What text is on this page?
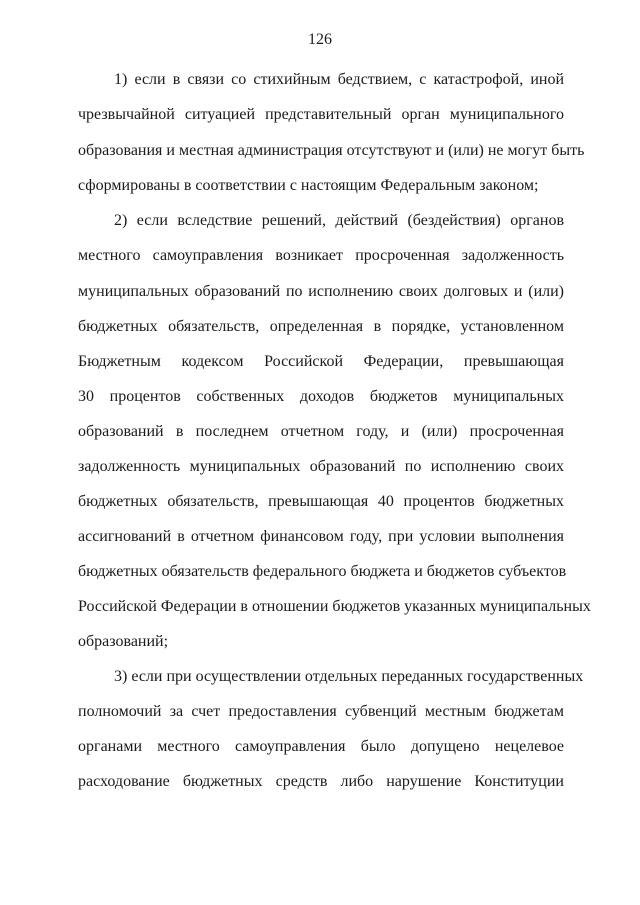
126
1) если в связи со стихийным бедствием, с катастрофой, иной
чрезвычайной ситуацией представительный орган муниципального
образования и местная администрация отсутствуют и (или) не могут быть
сформированы в соответствии с настоящим Федеральным законом;
2) если вследствие решений, действий (бездействия) органов
местного самоуправления возникает просроченная задолженность
муниципальных образований по исполнению своих долговых и (или)
бюджетных обязательств, определенная в порядке, установленном
Бюджетным кодексом Российской Федерации, превышающая
30 процентов собственных доходов бюджетов муниципальных
образований в последнем отчетном году, и (или) просроченная
задолженность муниципальных образований по исполнению своих
бюджетных обязательств, превышающая 40 процентов бюджетных
ассигнований в отчетном финансовом году, при условии выполнения
бюджетных обязательств федерального бюджета и бюджетов субъектов
Российской Федерации в отношении бюджетов указанных муниципальных
образований;
3) если при осуществлении отдельных переданных государственных
полномочий за счет предоставления субвенций местным бюджетам
органами местного самоуправления было допущено нецелевое
расходование бюджетных средств либо нарушение Конституции
